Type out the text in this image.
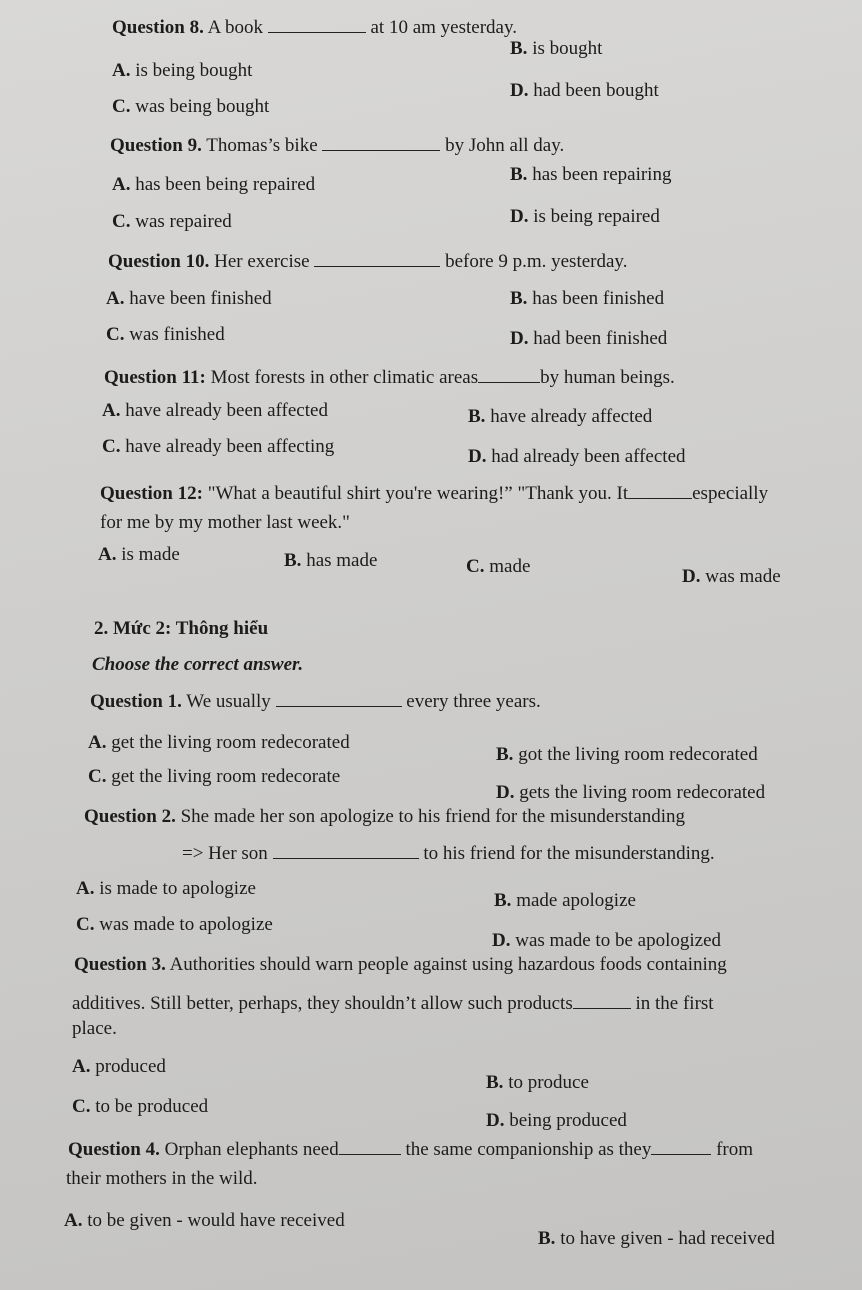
Question 8. A book	at 10 am yesterday.
A. is being bought
B. is bought
C. was being bought
D. had been bought
Question 9. Thomas’s bike	by John all day.
A. has been being repaired	B. has been repairing
C. was repaired	D. is being repaired
Question 10. Her exercise	before 9 p.m. yesterday.
A. have been finished	B. has been finished
C. was finished	D. had been finished
Question 11: Most forests in other climatic areas	by human beings.
A. have already been affected	B. have already affected
C. have already been affecting	D. had already been affected
Question 12: "What a beautiful shirt you're wearing!” "Thank you. It	especially
for me by my mother last week."
A. is made	B. has made	C. made	D. was made
2. Mức 2: Thông hiểu
Choose the correct answer.
Question 1. We usually	every three years.
A. get the living room redecorated
B. got the living room redecorated
C. get the living room redecorate
D. gets the living room redecorated
Question 2. She made her son apologize to his friend for the misunderstanding
=> Her son	to his friend for the misunderstanding.
A. is made to apologize
B. made apologize
C. was made to apologize
D. was made to be apologized
Question 3. Authorities should warn people against using hazardous foods containing
additives. Still better, perhaps, they shouldn’t allow such products	in the first
place.
A. produced
B. to produce
C. to be produced
D. being produced
Question 4. Orphan elephants need	the same companionship as they	from
their mothers in the wild.
A. to be given - would have received
B. to have given - had received
